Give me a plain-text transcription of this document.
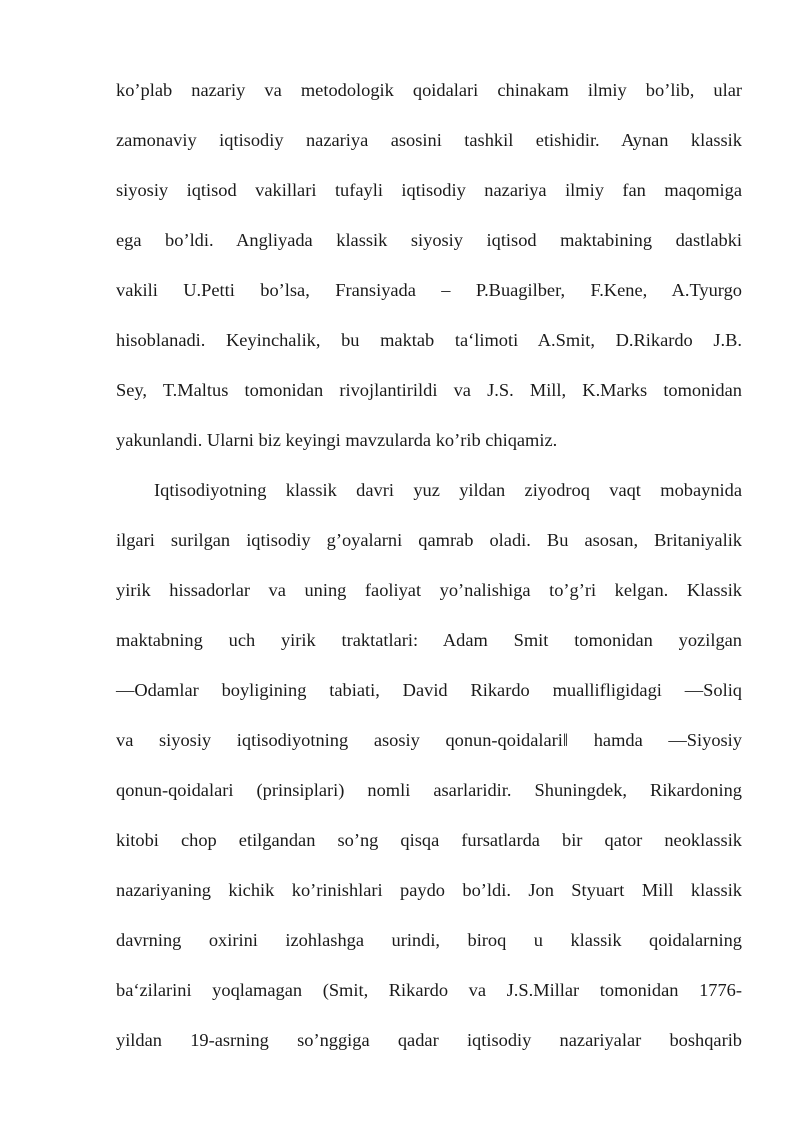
ko’plab nazariy va metodologik qoidalari chinakam ilmiy bo’lib, ular
zamonaviy iqtisodiy nazariya asosini tashkil etishidir. Aynan klassik
siyosiy iqtisod vakillari tufayli iqtisodiy nazariya ilmiy fan maqomiga
ega bo’ldi. Angliyada klassik siyosiy iqtisod maktabining dastlabki
vakili U.Petti bo’lsa, Fransiyada – P.Buagilber, F.Kene, A.Tyurgo
hisoblanadi. Keyinchalik, bu maktab ta‘limoti A.Smit, D.Rikardo J.B.
Sey, T.Maltus tomonidan rivojlantirildi va J.S. Mill, K.Marks tomonidan
yakunlandi. Ularni biz keyingi mavzularda ko’rib chiqamiz.
Iqtisodiyotning klassik davri yuz yildan ziyodroq vaqt mobaynida
ilgari surilgan iqtisodiy g’oyalarni qamrab oladi. Bu asosan, Britaniyalik
yirik hissadorlar va uning faoliyat yo’nalishiga to’g’ri kelgan. Klassik
maktabning uch yirik traktatlari: Adam Smit tomonidan yozilgan
―Odamlar boyligining tabiati, David Rikardo muallifligidagi ―Soliq
va siyosiy iqtisodiyotning asosiy qonun-qoidalari‖ hamda ―Siyosiy
qonun-qoidalari (prinsiplari) nomli asarlaridir. Shuningdek, Rikardoning
kitobi chop etilgandan so’ng qisqa fursatlarda bir qator neoklassik
nazariyaning kichik ko’rinishlari paydo bo’ldi. Jon Styuart Mill klassik
davrning oxirini izohlashga urindi, biroq u klassik qoidalarning
ba‘zilarini yoqlamagan (Smit, Rikardo va J.S.Millar tomonidan 1776-
yildan 19-asrning so’nggiga qadar iqtisodiy nazariyalar boshqarib
